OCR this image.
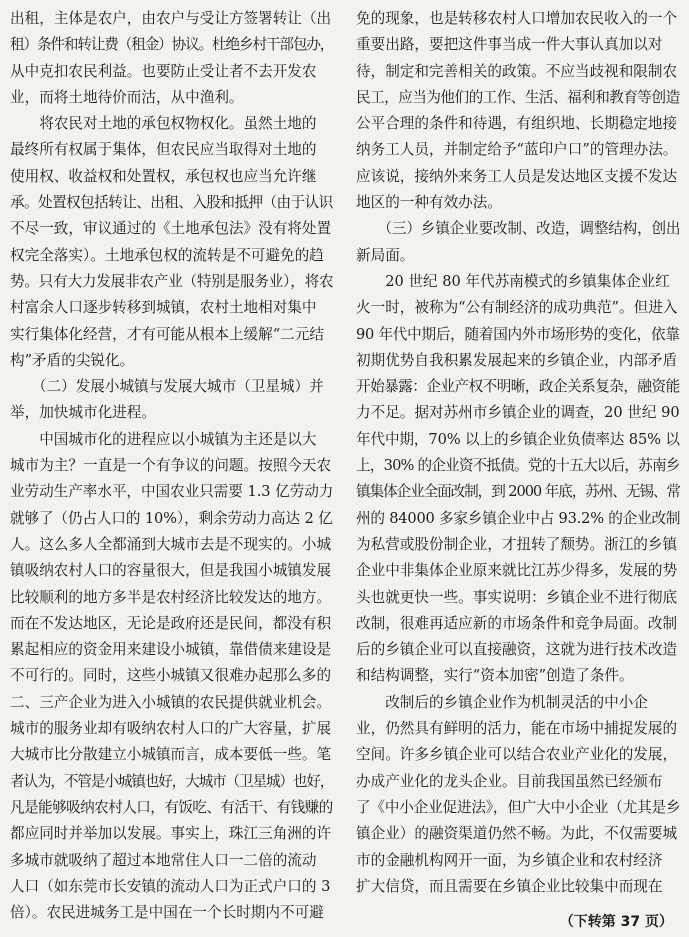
出租，主体是农户，由农户与受让方签署转让（出
租）条件和转让费（租金）协议。杜绝乡村干部包办，
从中克扣农民利益。也要防止受让者不去开发农
业，而将土地待价而沽，从中渔利。
　　将农民对土地的承包权物权化。虽然土地的
最终所有权属于集体，但农民应当取得对土地的
使用权、收益权和处置权，承包权也应当允许继
承。处置权包括转让、出租、入股和抵押（由于认识
不尽一致，审议通过的《土地承包法》没有将处置
权完全落实）。土地承包权的流转是不可避免的趋
势。只有大力发展非农产业（特别是服务业），将农
村富余人口逐步转移到城镇，农村土地相对集中
实行集体化经营，才有可能从根本上缓解“二元结
构”矛盾的尖锐化。
　　（二）发展小城镇与发展大城市（卫星城）并
举，加快城市化进程。
　　中国城市化的进程应以小城镇为主还是以大
城市为主？一直是一个有争议的问题。按照今天农
业劳动生产率水平，中国农业只需要 1.3 亿劳动力
就够了（仍占人口的 10%），剩余劳动力高达 2 亿
人。这么多人全都涌到大城市去是不现实的。小城
镇吸纳农村人口的容量很大，但是我国小城镇发展
比较顺利的地方多半是农村经济比较发达的地方。
而在不发达地区，无论是政府还是民间，都没有积
累起相应的资金用来建设小城镇，靠借债来建设是
不可行的。同时，这些小城镇又很难办起那么多的
二、三产企业为进入小城镇的农民提供就业机会。
城市的服务业却有吸纳农村人口的广大容量，扩展
大城市比分散建立小城镇而言，成本要低一些。笔
者认为，不管是小城镇也好，大城市（卫星城）也好，
凡是能够吸纳农村人口，有饭吃、有活干、有钱赚的
都应同时并举加以发展。事实上，珠江三角洲的许
多城市就吸纳了超过本地常住人口一二倍的流动
人口（如东莞市长安镇的流动人口为正式户口的 3
倍）。农民进城务工是中国在一个长时期内不可避
免的现象，也是转移农村人口增加农民收入的一个
重要出路，要把这件事当成一件大事认真加以对
待，制定和完善相关的政策。不应当歧视和限制农
民工，应当为他们的工作、生活、福利和教育等创造
公平合理的条件和待遇，有组织地、长期稳定地接
纳务工人员，并制定给予“蓝印户口”的管理办法。
应该说，接纳外来务工人员是发达地区支援不发达
地区的一种有效办法。
　　（三）乡镇企业要改制、改造，调整结构，创出
新局面。
　　20 世纪 80 年代苏南模式的乡镇集体企业红
火一时，被称为“公有制经济的成功典范”。但进入
90 年代中期后，随着国内外市场形势的变化，依靠
初期优势自我积累发展起来的乡镇企业，内部矛盾
开始暴露：企业产权不明晰，政企关系复杂，融资能
力不足。据对苏州市乡镇企业的调查，20 世纪 90
年代中期，70% 以上的乡镇企业负债率达 85% 以
上，30% 的企业资不抵债。党的十五大以后，苏南乡
镇集体企业全面改制，到 2000 年底，苏州、无锡、常
州的 84000 多家乡镇企业中占 93.2% 的企业改制
为私营或股份制企业，才扭转了颓势。浙江的乡镇
企业中非集体企业原来就比江苏少得多，发展的势
头也就更快一些。事实说明：乡镇企业不进行彻底
改制，很难再适应新的市场条件和竞争局面。改制
后的乡镇企业可以直接融资，这就为进行技术改造
和结构调整，实行“资本加密”创造了条件。
　　改制后的乡镇企业作为机制灵活的中小企
业，仍然具有鲜明的活力，能在市场中捕捉发展的
空间。许多乡镇企业可以结合农业产业化的发展，
办成产业化的龙头企业。目前我国虽然已经颁布
了《中小企业促进法》，但广大中小企业（尤其是乡
镇企业）的融资渠道仍然不畅。为此，不仅需要城
市的金融机构网开一面，为乡镇企业和农村经济
扩大信贷，而且需要在乡镇企业比较集中而现在
（下转第 37 页）
